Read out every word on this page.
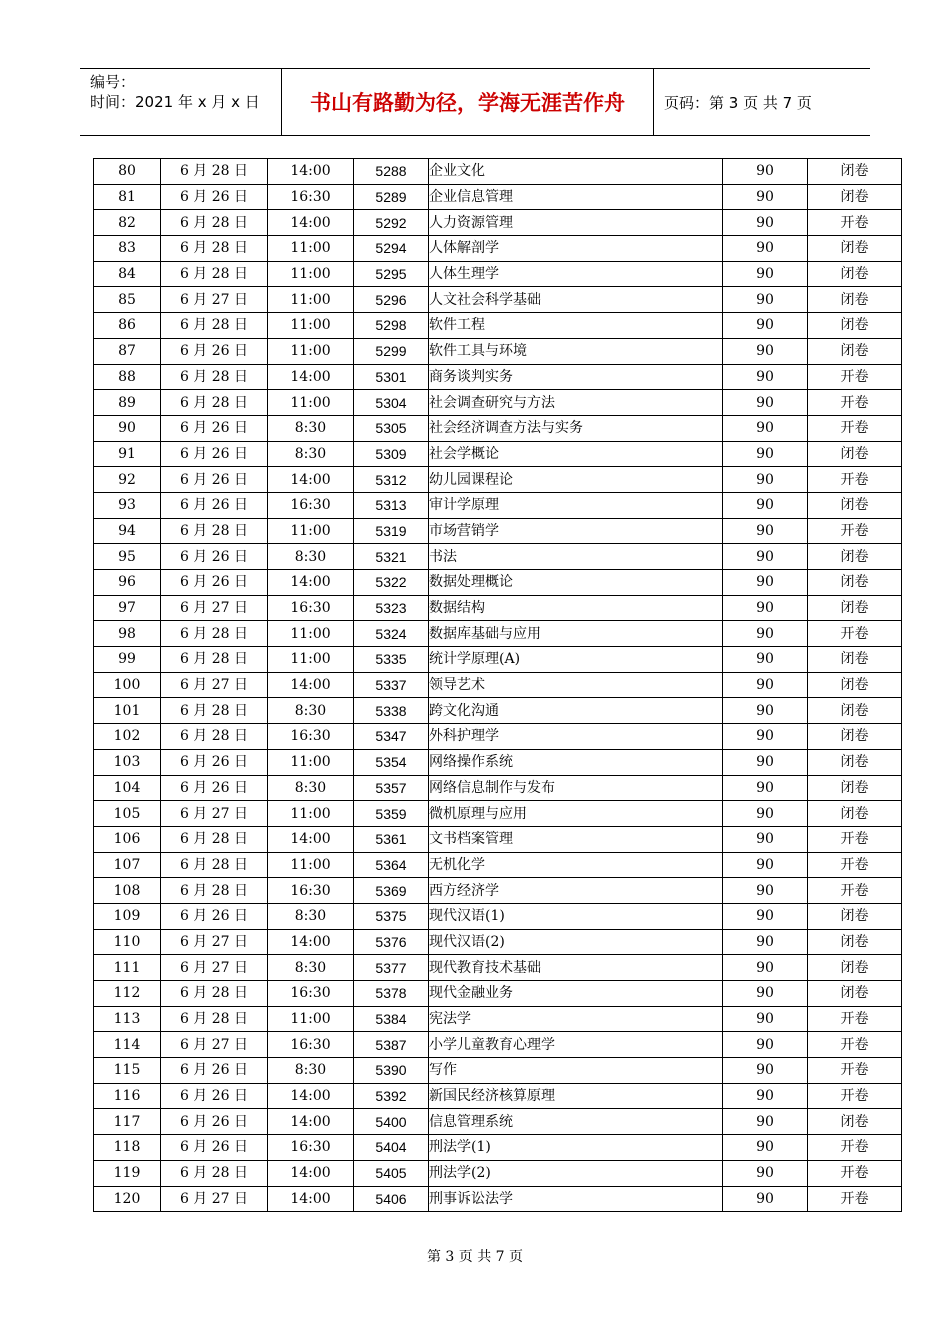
编号：
时间：2021 年 x 月 x 日	书山有路勤为径，学海无涯苦作舟	页码：第 3 页 共 7 页
80	6 月 28 日	14:00	5288	企业文化	90	闭卷
81	6 月 26 日	16:30	5289	企业信息管理	90	闭卷
82	6 月 28 日	14:00	5292	人力资源管理	90	开卷
83	6 月 28 日	11:00	5294	人体解剖学	90	闭卷
84	6 月 28 日	11:00	5295	人体生理学	90	闭卷
85	6 月 27 日	11:00	5296	人文社会科学基础	90	闭卷
86	6 月 28 日	11:00	5298	软件工程	90	闭卷
87	6 月 26 日	11:00	5299	软件工具与环境	90	闭卷
88	6 月 28 日	14:00	5301	商务谈判实务	90	开卷
89	6 月 28 日	11:00	5304	社会调查研究与方法	90	开卷
90	6 月 26 日	8:30	5305	社会经济调查方法与实务	90	开卷
91	6 月 26 日	8:30	5309	社会学概论	90	闭卷
92	6 月 26 日	14:00	5312	幼儿园课程论	90	开卷
93	6 月 26 日	16:30	5313	审计学原理	90	闭卷
94	6 月 28 日	11:00	5319	市场营销学	90	开卷
95	6 月 26 日	8:30	5321	书法	90	闭卷
96	6 月 26 日	14:00	5322	数据处理概论	90	闭卷
97	6 月 27 日	16:30	5323	数据结构	90	闭卷
98	6 月 28 日	11:00	5324	数据库基础与应用	90	开卷
99	6 月 28 日	11:00	5335	统计学原理(A)	90	闭卷
100	6 月 27 日	14:00	5337	领导艺术	90	闭卷
101	6 月 28 日	8:30	5338	跨文化沟通	90	闭卷
102	6 月 28 日	16:30	5347	外科护理学	90	闭卷
103	6 月 26 日	11:00	5354	网络操作系统	90	闭卷
104	6 月 26 日	8:30	5357	网络信息制作与发布	90	闭卷
105	6 月 27 日	11:00	5359	微机原理与应用	90	闭卷
106	6 月 28 日	14:00	5361	文书档案管理	90	开卷
107	6 月 28 日	11:00	5364	无机化学	90	开卷
108	6 月 28 日	16:30	5369	西方经济学	90	开卷
109	6 月 26 日	8:30	5375	现代汉语(1)	90	闭卷
110	6 月 27 日	14:00	5376	现代汉语(2)	90	闭卷
111	6 月 27 日	8:30	5377	现代教育技术基础	90	闭卷
112	6 月 28 日	16:30	5378	现代金融业务	90	闭卷
113	6 月 28 日	11:00	5384	宪法学	90	开卷
114	6 月 27 日	16:30	5387	小学儿童教育心理学	90	开卷
115	6 月 26 日	8:30	5390	写作	90	开卷
116	6 月 26 日	14:00	5392	新国民经济核算原理	90	开卷
117	6 月 26 日	14:00	5400	信息管理系统	90	闭卷
118	6 月 26 日	16:30	5404	刑法学(1)	90	开卷
119	6 月 28 日	14:00	5405	刑法学(2)	90	开卷
120	6 月 27 日	14:00	5406	刑事诉讼法学	90	开卷
第 3 页 共 7 页
